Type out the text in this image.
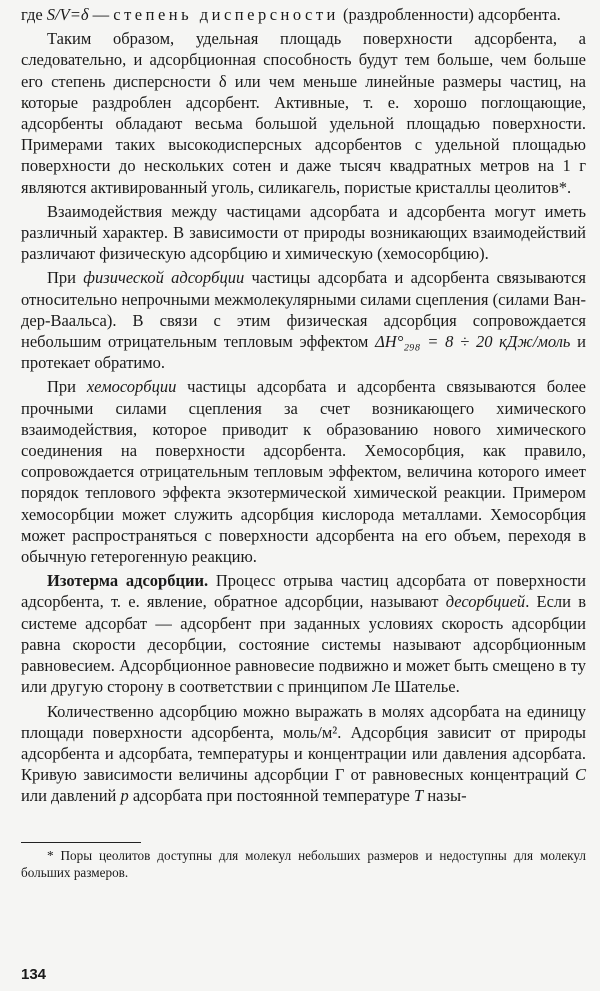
где S/V=δ — степень дисперсности (раздробленности) адсорбента.

Таким образом, удельная площадь поверхности адсорбента, а следовательно, и адсорбционная способность будут тем больше, чем больше его степень дисперсности δ или чем меньше линейные размеры частиц, на которые раздроблен адсорбент. Активные, т. е. хорошо поглощающие, адсорбенты обладают весьма большой удельной площадью поверхности. Примерами таких высокодисперсных адсорбентов с удельной площадью поверхности до нескольких сотен и даже тысяч квадратных метров на 1 г являются активированный уголь, силикагель, пористые кристаллы цеолитов*.

Взаимодействия между частицами адсорбата и адсорбента могут иметь различный характер. В зависимости от природы возникающих взаимодействий различают физическую адсорбцию и химическую (хемосорбцию).

При физической адсорбции частицы адсорбата и адсорбента связываются относительно непрочными межмолекулярными силами сцепления (силами Ван-дер-Ваальса). В связи с этим физическая адсорбция сопровождается небольшим отрицательным тепловым эффектом ΔH°₂₉₈ = 8 ÷ 20 кДж/моль и протекает обратимо.

При хемосорбции частицы адсорбата и адсорбента связываются более прочными силами сцепления за счет возникающего химического взаимодействия, которое приводит к образованию нового химического соединения на поверхности адсорбента. Хемосорбция, как правило, сопровождается отрицательным тепловым эффектом, величина которого имеет порядок теплового эффекта экзотермической химической реакции. Примером хемосорбции может служить адсорбция кислорода металлами. Хемосорбция может распространяться с поверхности адсорбента на его объем, переходя в обычную гетерогенную реакцию.

Изотерма адсорбции. Процесс отрыва частиц адсорбата от поверхности адсорбента, т. е. явление, обратное адсорбции, называют десорбцией. Если в системе адсорбат — адсорбент при заданных условиях скорость адсорбции равна скорости десорбции, состояние системы называют адсорбционным равновесием. Адсорбционное равновесие подвижно и может быть смещено в ту или другую сторону в соответствии с принципом Ле Шателье.

Количественно адсорбцию можно выражать в молях адсорбата на единицу площади поверхности адсорбента, моль/м². Адсорбция зависит от природы адсорбента и адсорбата, температуры и концентрации или давления адсорбата. Кривую зависимости величины адсорбции Г от равновесных концентраций C или давлений p адсорбата при постоянной температуре T назы-

* Поры цеолитов доступны для молекул небольших размеров и недоступны для молекул больших размеров.

134
